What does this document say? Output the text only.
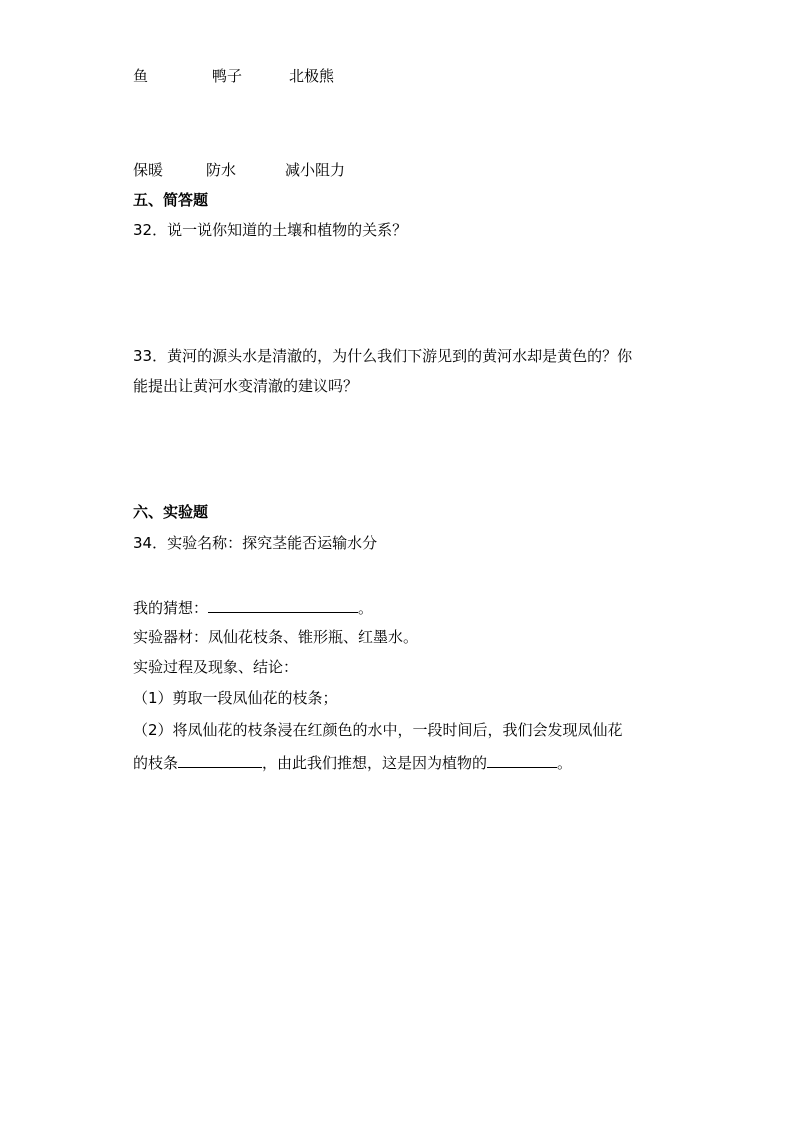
鱼	鸭子	北极熊
保暖	防水	减小阻力
五、简答题
32．说一说你知道的土壤和植物的关系？
33．黄河的源头水是清澈的，为什么我们下游见到的黄河水却是黄色的？你
能提出让黄河水变清澈的建议吗？
六、实验题
34．实验名称：探究茎能否运输水分
我的猜想：	。
实验器材：凤仙花枝条、锥形瓶、红墨水。
实验过程及现象、结论：
（1）剪取一段凤仙花的枝条；
（2）将凤仙花的枝条浸在红颜色的水中，一段时间后，我们会发现凤仙花
的枝条	，由此我们推想，这是因为植物的	。
